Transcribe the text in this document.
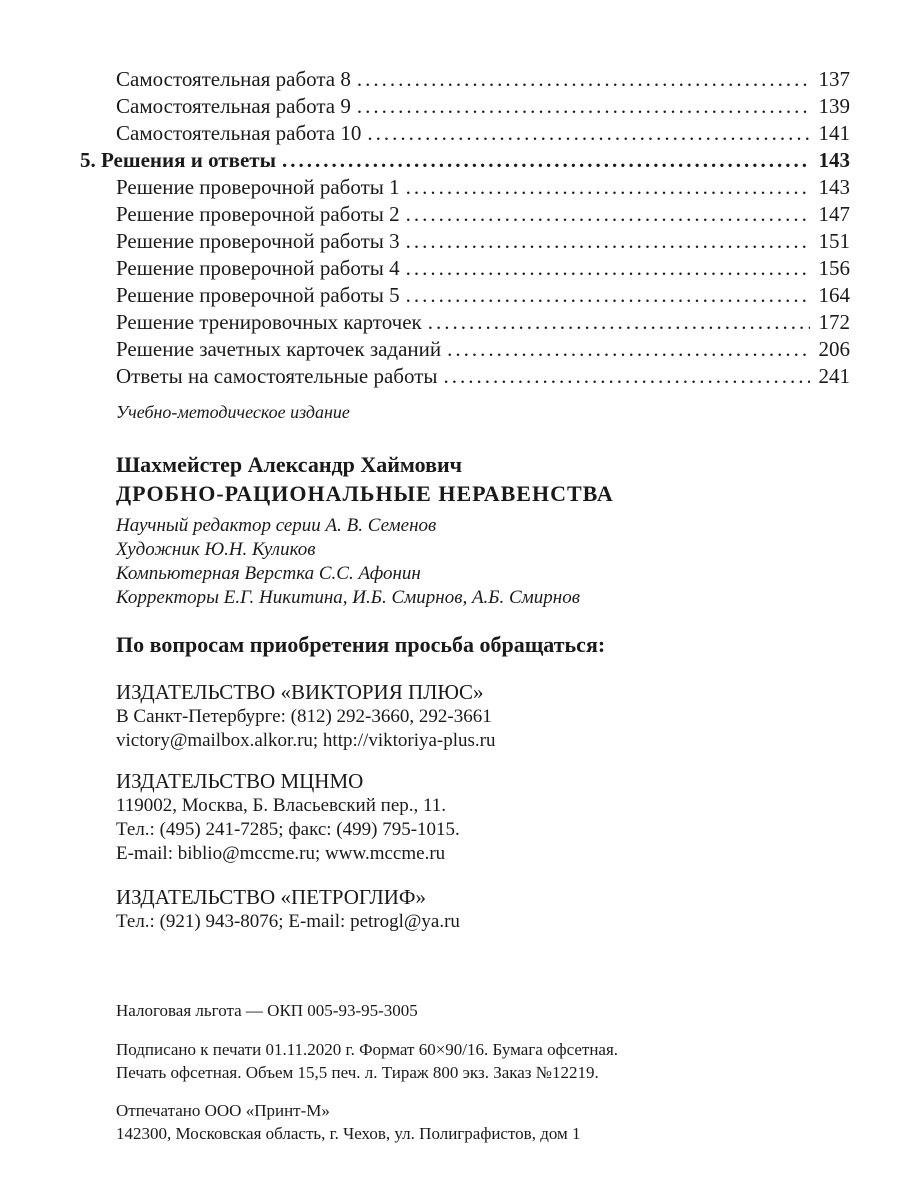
Самостоятельная работа 8 .....	137
Самостоятельная работа 9 .....	139
Самостоятельная работа 10 .....	141
5. Решения и ответы .....	143
Решение проверочной работы 1 .....	143
Решение проверочной работы 2 .....	147
Решение проверочной работы 3 .....	151
Решение проверочной работы 4 .....	156
Решение проверочной работы 5 .....	164
Решение тренировочных карточек .....	172
Решение зачетных карточек заданий .....	206
Ответы на самостоятельные работы .....	241
Учебно-методическое издание
Шахмейстер Александр Хаймович
ДРОБНО-РАЦИОНАЛЬНЫЕ НЕРАВЕНСТВА
Научный редактор серии А. В. Семенов
Художник Ю.Н. Куликов
Компьютерная Верстка С.С. Афонин
Корректоры Е.Г. Никитина, И.Б. Смирнов, А.Б. Смирнов
По вопросам приобретения просьба обращаться:
ИЗДАТЕЛЬСТВО «ВИКТОРИЯ ПЛЮС»
В Санкт-Петербурге: (812) 292-3660, 292-3661
victory@mailbox.alkor.ru; http://viktoriya-plus.ru
ИЗДАТЕЛЬСТВО МЦНМО
119002, Москва, Б. Власьевский пер., 11.
Тел.: (495) 241-7285; факс: (499) 795-1015.
E-mail: biblio@mccme.ru; www.mccme.ru
ИЗДАТЕЛЬСТВО «ПЕТРОГЛИФ»
Тел.: (921) 943-8076; E-mail: petrogl@ya.ru
Налоговая льгота — ОКП 005-93-95-3005
Подписано к печати 01.11.2020 г. Формат 60×90/16. Бумага офсетная.
Печать офсетная. Объем 15,5 печ. л. Тираж 800 экз. Заказ №12219.
Отпечатано ООО «Принт-М»
142300, Московская область, г. Чехов, ул. Полиграфистов, дом 1
